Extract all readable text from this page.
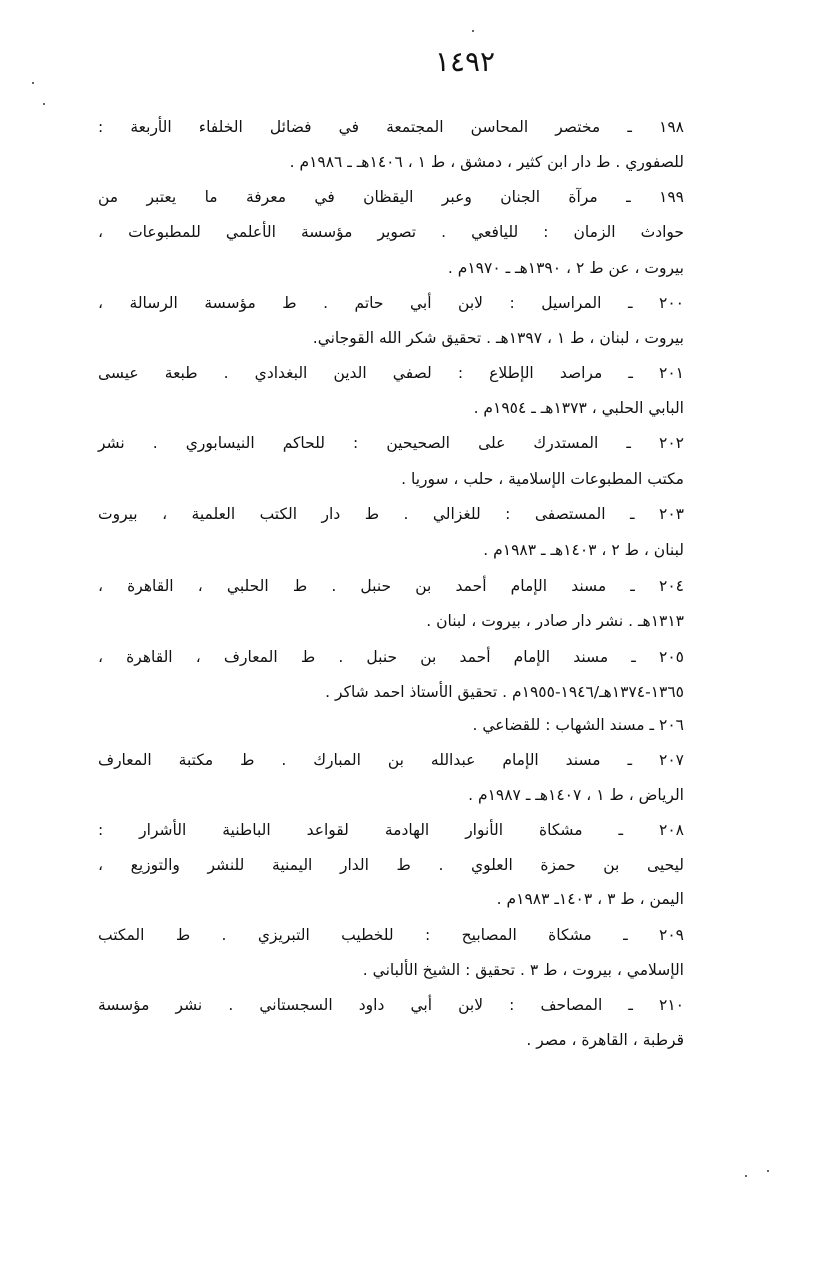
١٤٩٢
١٩٨ ـ مختصر المحاسن المجتمعة في فضائل الخلفاء الأربعة :
للصفوري . ط دار ابن كثير ، دمشق ، ط ١ ، ١٤٠٦هـ ـ ١٩٨٦م .
١٩٩ ـ مرآة الجنان وعبر اليقظان في معرفة ما يعتبر من
حوادث الزمان : لليافعي . تصوير مؤسسة الأعلمي للمطبوعات ،
بيروت ، عن ط ٢ ، ١٣٩٠هـ ـ ١٩٧٠م .
٢٠٠ ـ المراسيل : لابن أبي حاتم . ط مؤسسة الرسالة ،
بيروت ، لبنان ، ط ١ ، ١٣٩٧هـ . تحقيق شكر الله القوجاني.
٢٠١ ـ مراصد الإطلاع : لصفي الدين البغدادي . طبعة عيسى
البابي الحلبي ، ١٣٧٣هـ ـ ١٩٥٤م .
٢٠٢ ـ المستدرك على الصحيحين : للحاكم النيسابوري . نشر
مكتب المطبوعات الإسلامية ، حلب ، سوريا .
٢٠٣ ـ المستصفى : للغزالي . ط دار الكتب العلمية ، بيروت
لبنان ، ط ٢ ، ١٤٠٣هـ ـ ١٩٨٣م .
٢٠٤ ـ مسند الإمام أحمد بن حنبل . ط الحلبي ، القاهرة ،
١٣١٣هـ . نشر دار صادر ، بيروت ، لبنان .
٢٠٥ ـ مسند الإمام أحمد بن حنبل . ط المعارف ، القاهرة ،
١٣٦٥-١٣٧٤هـ/١٩٤٦-١٩٥٥م . تحقيق الأستاذ احمد شاكر .
٢٠٦ ـ مسند الشهاب : للقضاعي .
٢٠٧ ـ مسند الإمام عبدالله بن المبارك . ط مكتبة المعارف
الرياض ، ط ١ ، ١٤٠٧هـ ـ ١٩٨٧م .
٢٠٨ ـ مشكاة الأنوار الهادمة لقواعد الباطنية الأشرار :
ليحيى بن حمزة العلوي . ط الدار اليمنية للنشر والتوزيع ،
اليمن ، ط ٣ ، ١٤٠٣ـ ١٩٨٣م .
٢٠٩ ـ مشكاة المصابيح : للخطيب التبريزي . ط المكتب
الإسلامي ، بيروت ، ط ٣ . تحقيق : الشيخ الألباني .
٢١٠ ـ المصاحف : لابن أبي داود السجستاني . نشر مؤسسة
قرطبة ، القاهرة ، مصر .
